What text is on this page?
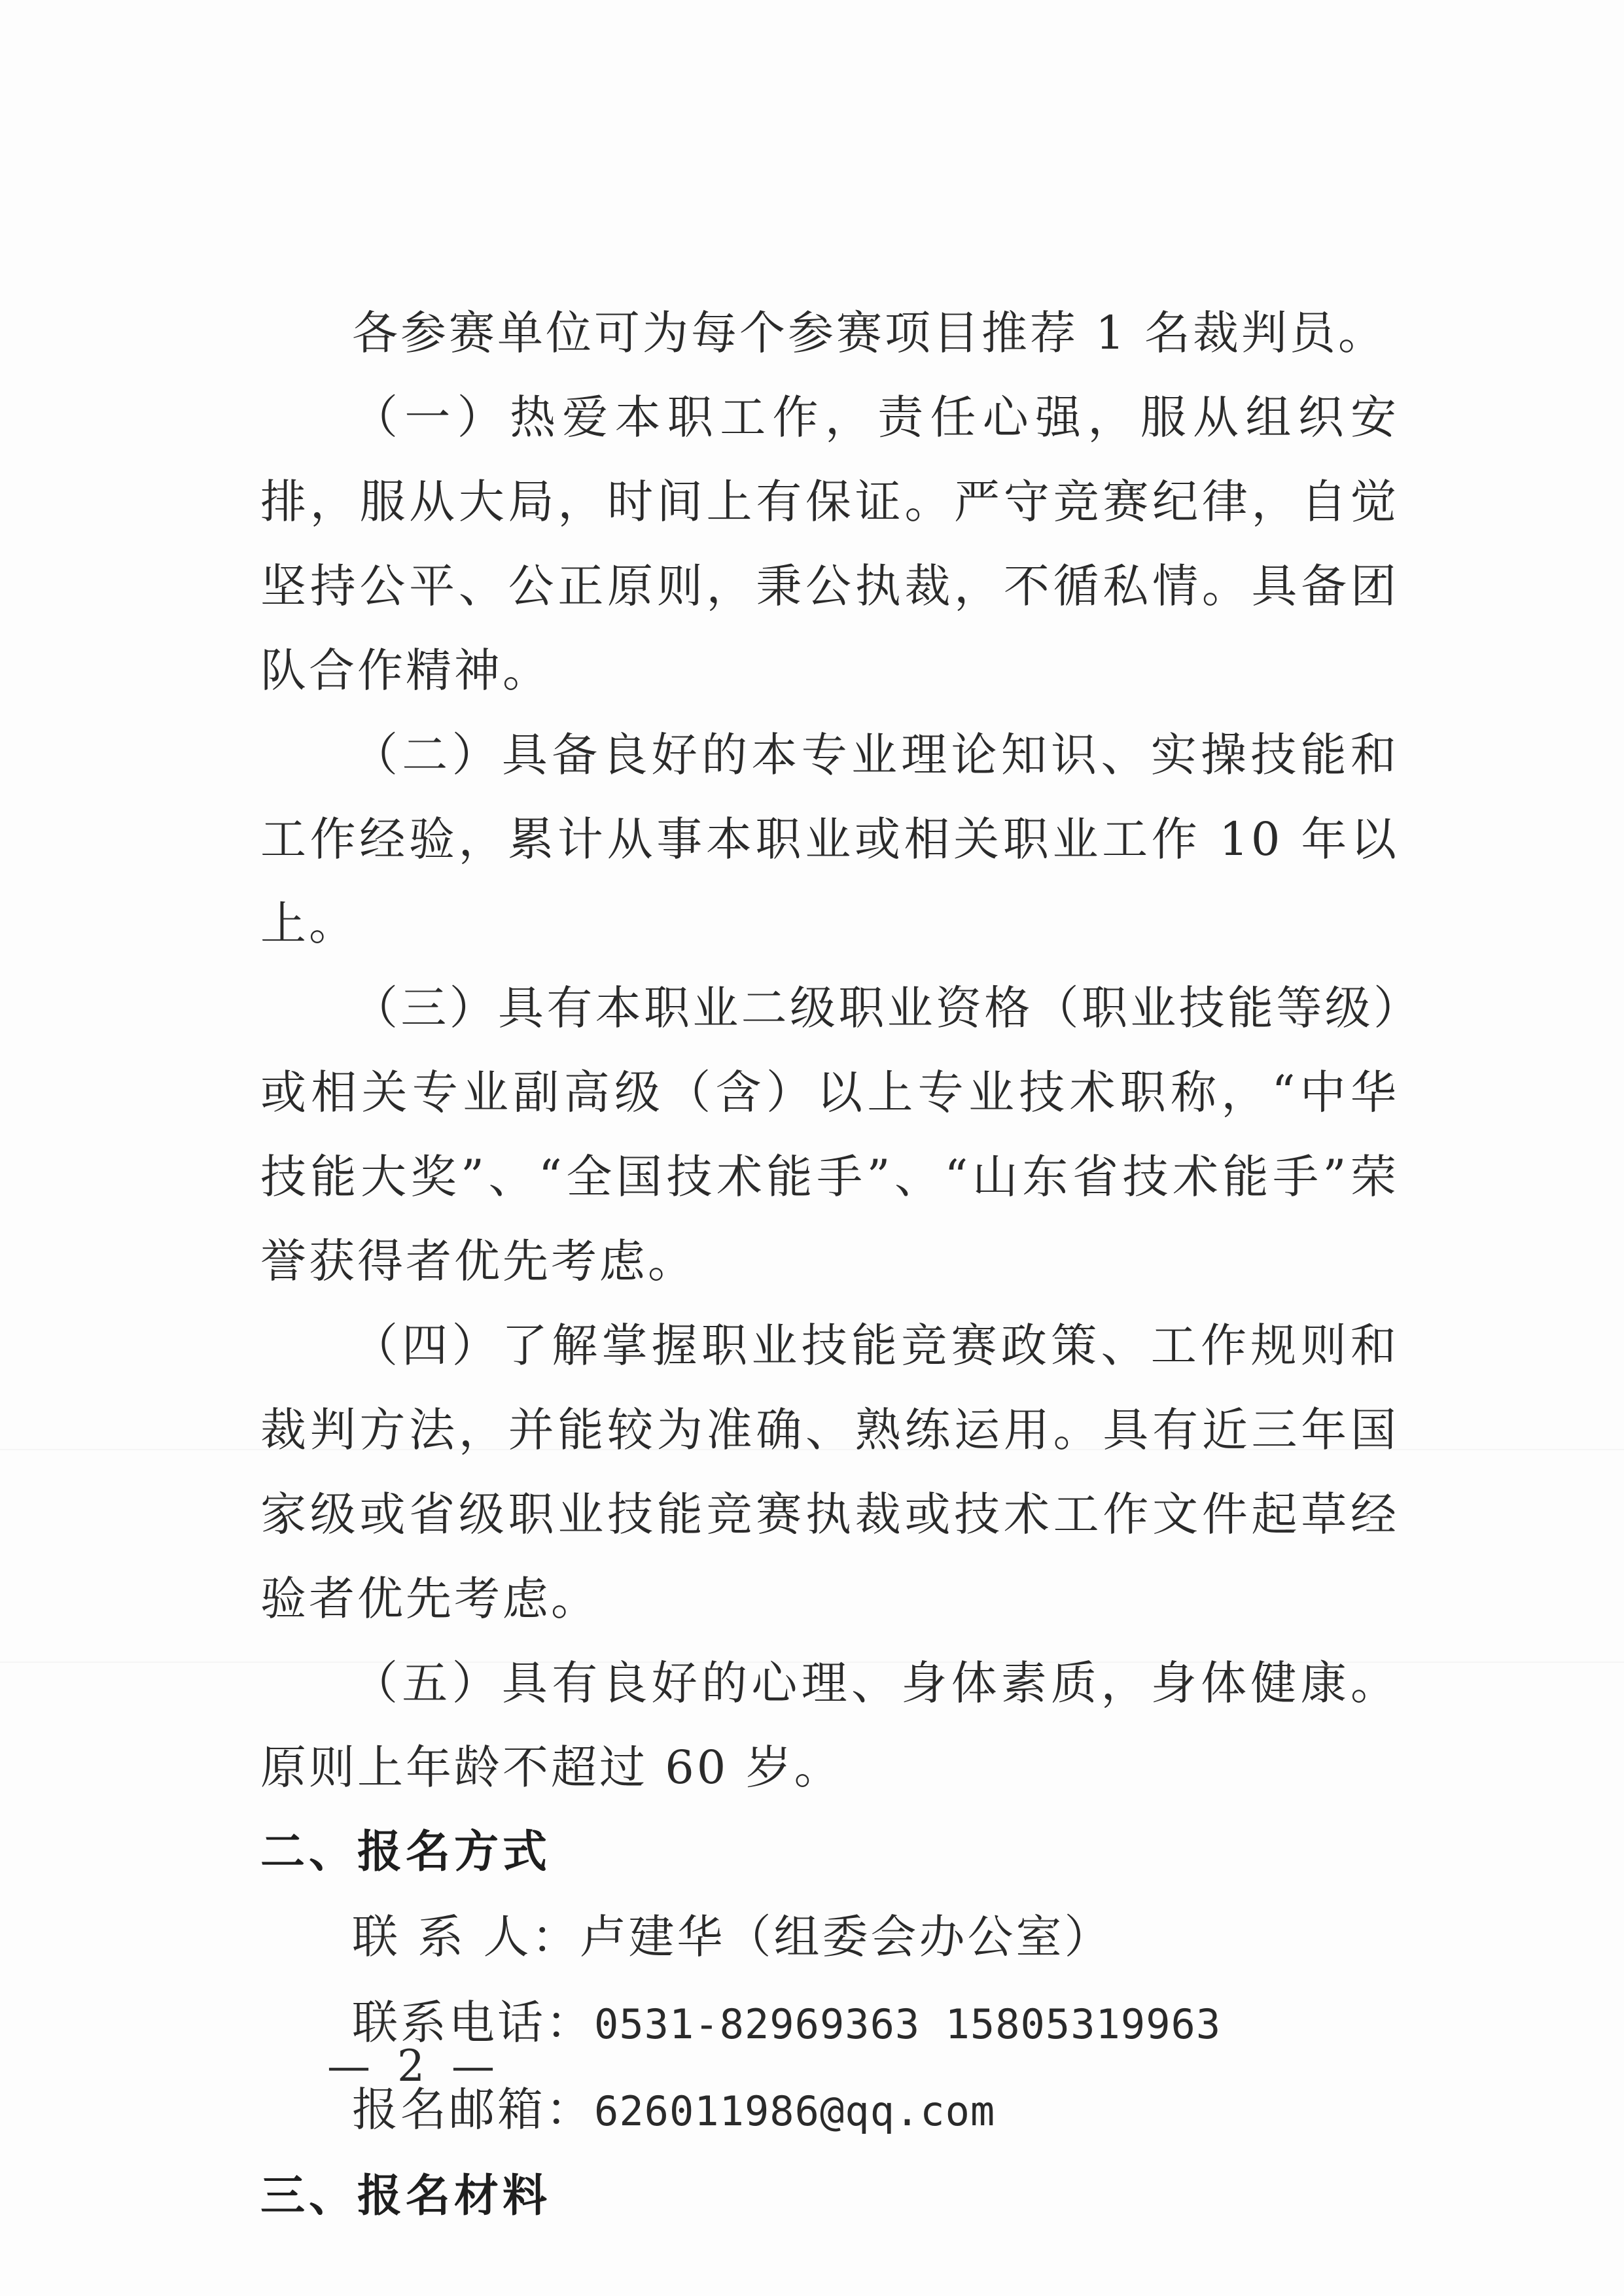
各参赛单位可为每个参赛项目推荐 1 名裁判员。

（一）热爱本职工作，责任心强，服从组织安排，服从大局，时间上有保证。严守竞赛纪律，自觉坚持公平、公正原则，秉公执裁，不循私情。具备团队合作精神。

（二）具备良好的本专业理论知识、实操技能和工作经验，累计从事本职业或相关职业工作 10 年以上。

（三）具有本职业二级职业资格（职业技能等级）或相关专业副高级（含）以上专业技术职称，“中华技能大奖”、“全国技术能手”、“山东省技术能手”荣誉获得者优先考虑。

（四）了解掌握职业技能竞赛政策、工作规则和裁判方法，并能较为准确、熟练运用。具有近三年国家级或省级职业技能竞赛执裁或技术工作文件起草经验者优先考虑。

（五）具有良好的心理、身体素质，身体健康。原则上年龄不超过 60 岁。

二、报名方式

联 系 人：卢建华（组委会办公室）

联系电话：0531-82969363 15805319963

报名邮箱：626011986@qq.com

三、报名材料

— 2 —
